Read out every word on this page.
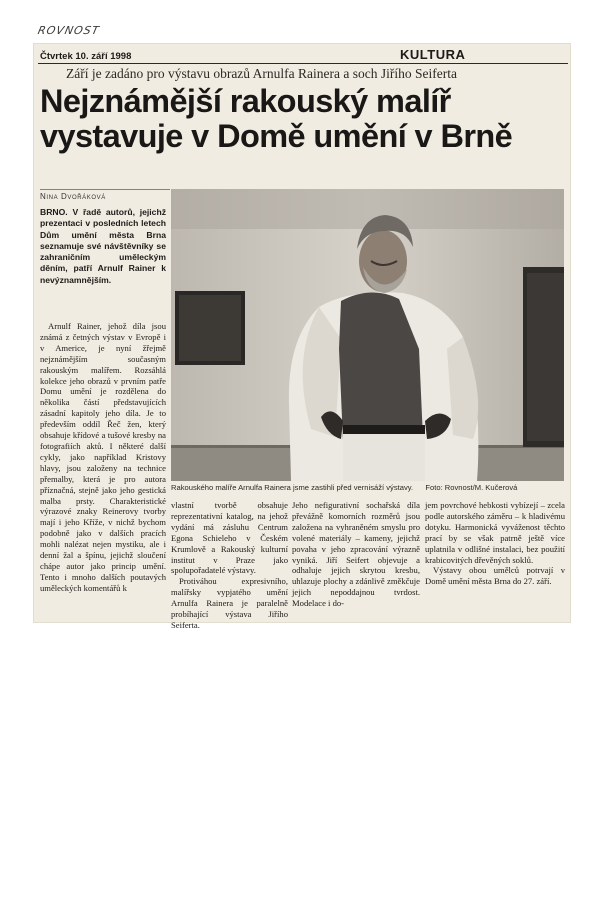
ROVNOST
Čtvrtek 10. září 1998	KULTURA
Září je zadáno pro výstavu obrazů Arnulfa Rainera a soch Jiřího Seiferta
Nejznámější rakouský malíř
vystavuje v Domě umění v Brně
Nina Dvořáková
BRNO. V řadě autorů, jejichž prezentaci v posledních letech Dům umění města Brna seznamuje své návštěvníky se zahraničním uměleckým děním, patří Arnulf Rainer k nevýznamnějším.

Arnulf Rainer, jehož díla jsou známá z četných výstav v Evropě i v Americe, je nyní žřejmě nejznámějším současným rakouským malířem. Rozsáhlá kolekce jeho obrazů v prvním patře Domu umění je rozdělena do několika částí představujících zásadní kapitoly jeho díla. Je to především oddíl Řeč žen, který obsahuje křídové a tušové kresby na fotografiích aktů. I některé další cykly, jako například Kristovy hlavy, jsou založeny na technice přemalby, která je pro autora příznačná, stejně jako jeho gestická malba prsty. Charakteristické výrazové znaky Reinerovy tvorby mají i jeho Kříže, v nichž bychom podobně jako v dalších pracích mohli nalézat nejen mystiku, ale i denní žal a špínu, jejichž sloučení chápe autor jako princip umění. Tento i mnoho dalších poutavých uměleckých komentářů k

Rakouského malíře Arnulfa Rainera jsme zastihli před vernisáží výstavy. Foto: Rovnost/M. Kučerová

vlastní tvorbě obsahuje reprezentativní katalog, na jehož vydání má zásluhu Centrum Egona Schieleho v Českém Krumlově a Rakouský kulturní institut v Praze jako spolupořadatelé výstavy.

Protiváhou expresivního, malířsky vypjatého umění Arnulfa Rainera je paralelně probíhající výstava Jiřího Seiferta.

Jeho nefigurativní sochařská díla převážně komorních rozměrů jsou založena na vyhraněném smyslu pro volené materiály – kameny, jejichž povaha v jeho zpracování výrazně vyniká. Jiří Seifert objevuje a odhaluje jejich skrytou kresbu, uhlazuje plochy a zdánlivě změkčuje jejich nepoddajnou tvrdost. Modelace i do-

jem povrchové hebkosti vybízejí – zcela podle autorského záměru – k hladivému dotyku. Harmonická vyváženost těchto prací by se však patrně ještě více uplatnila v odlišné instalaci, bez použití krabicovitých dřevěných soklů.

Výstavy obou umělců potrvají v Domě umění města Brna do 27. září.
